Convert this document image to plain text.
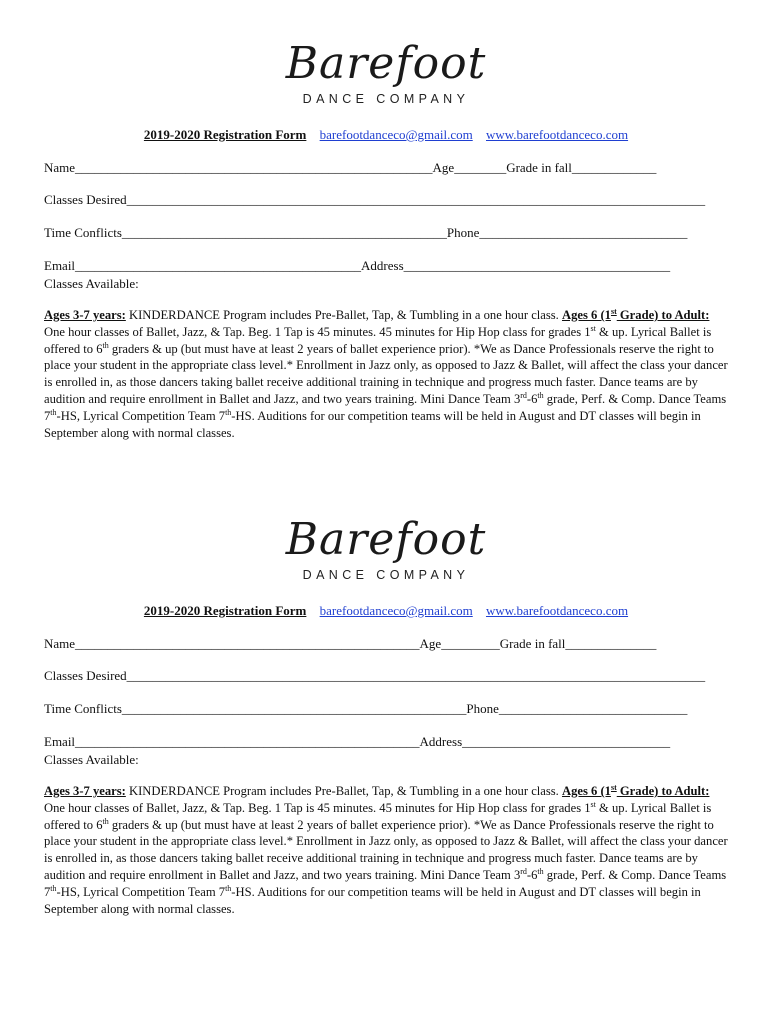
Barefoot
DANCE COMPANY
2019-2020 Registration Form barefootdanceco@gmail.com www.barefootdanceco.com
Name_______________________________________________________Age________Grade in fall_____________
Classes Desired_________________________________________________________________________________________
Time Conflicts__________________________________________________Phone________________________________
Email____________________________________________Address_________________________________________
Classes Available:
Ages 3-7 years: KINDERDANCE Program includes Pre-Ballet, Tap, & Tumbling in a one hour class. Ages 6 (1st Grade) to Adult: One hour classes of Ballet, Jazz, & Tap. Beg. 1 Tap is 45 minutes. 45 minutes for Hip Hop class for grades 1st & up. Lyrical Ballet is offered to 6th graders & up (but must have at least 2 years of ballet experience prior). *We as Dance Professionals reserve the right to place your student in the appropriate class level.* Enrollment in Jazz only, as opposed to Jazz & Ballet, will affect the class your dancer is enrolled in, as those dancers taking ballet receive additional training in technique and progress much faster. Dance teams are by audition and require enrollment in Ballet and Jazz, and two years training. Mini Dance Team 3rd-6th grade, Perf. & Comp. Dance Teams 7th-HS, Lyrical Competition Team 7th-HS. Auditions for our competition teams will be held in August and DT classes will begin in September along with normal classes.
Barefoot
DANCE COMPANY
2019-2020 Registration Form barefootdanceco@gmail.com www.barefootdanceco.com
Name_____________________________________________________Age_________Grade in fall______________
Classes Desired_________________________________________________________________________________________
Time Conflicts_____________________________________________________Phone_____________________________
Email_____________________________________________________Address________________________________
Classes Available:
Ages 3-7 years: KINDERDANCE Program includes Pre-Ballet, Tap, & Tumbling in a one hour class. Ages 6 (1st Grade) to Adult: One hour classes of Ballet, Jazz, & Tap. Beg. 1 Tap is 45 minutes. 45 minutes for Hip Hop class for grades 1st & up. Lyrical Ballet is offered to 6th graders & up (but must have at least 2 years of ballet experience prior). *We as Dance Professionals reserve the right to place your student in the appropriate class level.* Enrollment in Jazz only, as opposed to Jazz & Ballet, will affect the class your dancer is enrolled in, as those dancers taking ballet receive additional training in technique and progress much faster. Dance teams are by audition and require enrollment in Ballet and Jazz, and two years training. Mini Dance Team 3rd-6th grade, Perf. & Comp. Dance Teams 7th-HS, Lyrical Competition Team 7th-HS. Auditions for our competition teams will be held in August and DT classes will begin in September along with normal classes.
